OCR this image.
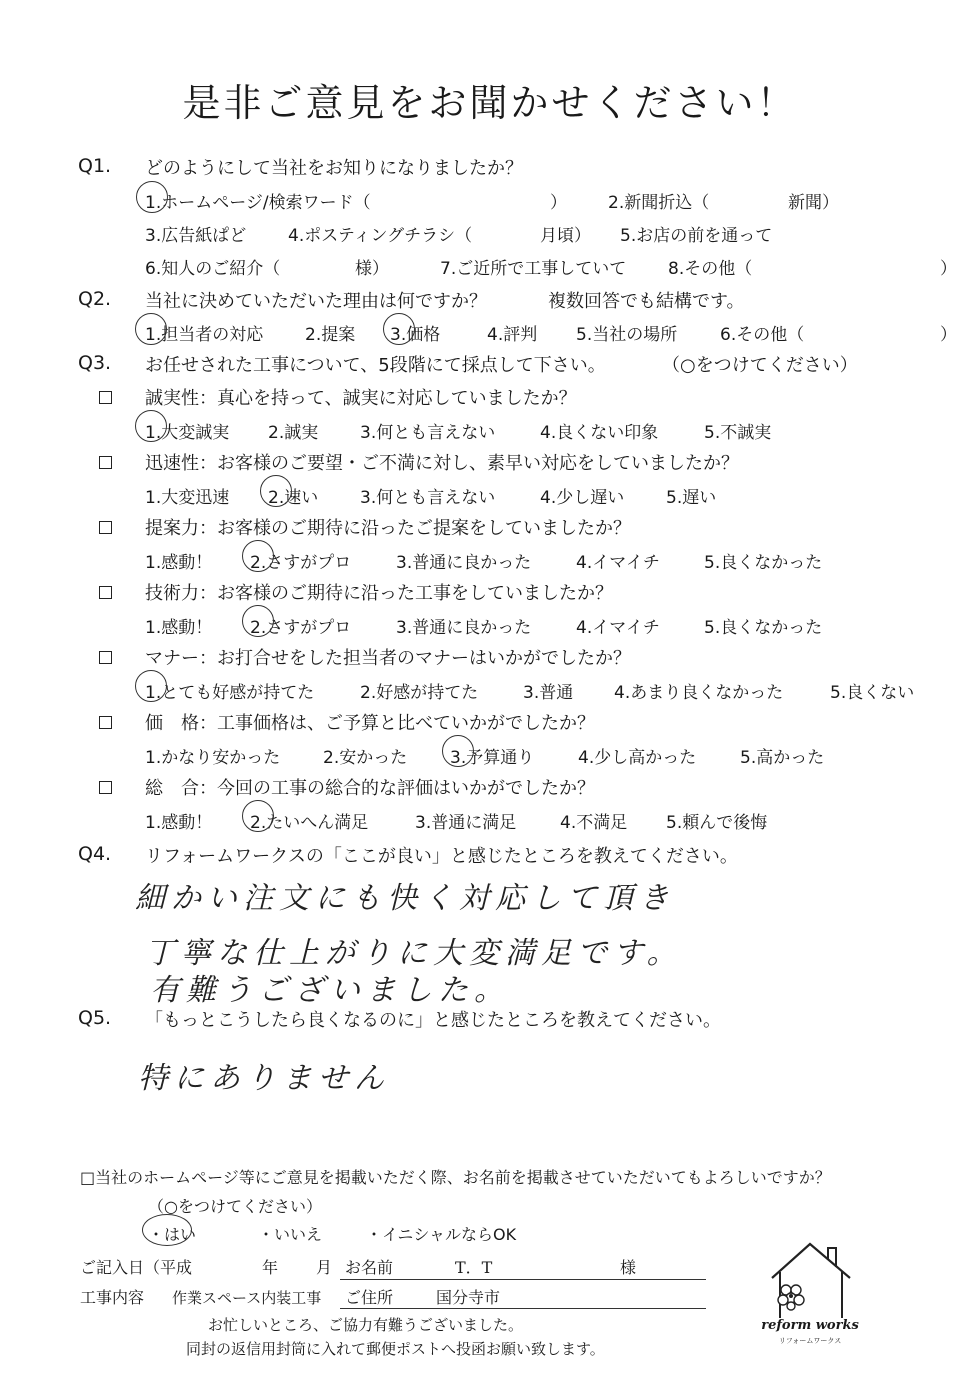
是非ご意見をお聞かせください！
Q1. どのようにして当社をお知りになりましたか？
1.ホームページ/検索ワード（	） 2.新聞折込（	新聞）
3.広告紙ぱど 4.ポスティングチラシ（	月頃） 5.お店の前を通って
6.知人のご紹介（	様）	7.ご近所で工事していて 8.その他（	）
Q2. 当社に決めていただいた理由は何ですか？	複数回答でも結構です。
1.担当者の対応 2.提案 3.価格	4.評判 5.当社の場所	6.その他（	）
Q3. お任せされた工事について、5段階にて採点して下さい。	（○をつけてください）
誠実性：真心を持って、誠実に対応していましたか？
1.大変誠実 2.誠実 3.何とも言えない	4.良くない印象	5.不誠実
迅速性：お客様のご要望・ご不満に対し、素早い対応をしていましたか？
1.大変迅速 2.速い 3.何とも言えない	4.少し遅い 5.遅い
提案力：お客様のご期待に沿ったご提案をしていましたか？
1.感動！ 2.さすがプロ	3.普通に良かった	4.イマイチ	5.良くなかった
技術力：お客様のご期待に沿った工事をしていましたか？
1.感動！ 2.さすがプロ	3.普通に良かった	4.イマイチ	5.良くなかった
マナー：お打合せをした担当者のマナーはいかがでしたか？
1.とても好感が持てた	2.好感が持てた	3.普通 4.あまり良くなかった	5.良くない
価　格：工事価格は、ご予算と比べていかがでしたか？
1.かなり安かった	2.安かった	3.予算通り	4.少し高かった	5.高かった
総　合：今回の工事の総合的な評価はいかがでしたか？
1.感動！ 2.たいへん満足	3.普通に満足	4.不満足 5.頼んで後悔
Q4. リフォームワークスの「ここが良い」と感じたところを教えてください。
細かい注文にも快く対応して頂き
丁寧な仕上がりに大変満足です。
有難うございました。
Q5. 「もっとこうしたら良くなるのに」と感じたところを教えてください。
特にありません
□当社のホームページ等にご意見を掲載いただく際、お名前を掲載させていただいてもよろしいですか？
（○をつけてください）
・はい	・いいえ	・イニシャルならOK
ご記入日（平成	年 月 お名前	T．T	様
工事内容 作業スペース内装工事 ご住所	国分寺市
お忙しいところ、ご協力有難うございました。
同封の返信用封筒に入れて郵便ポストへ投函お願い致します。
reform works
リフォームワークス
